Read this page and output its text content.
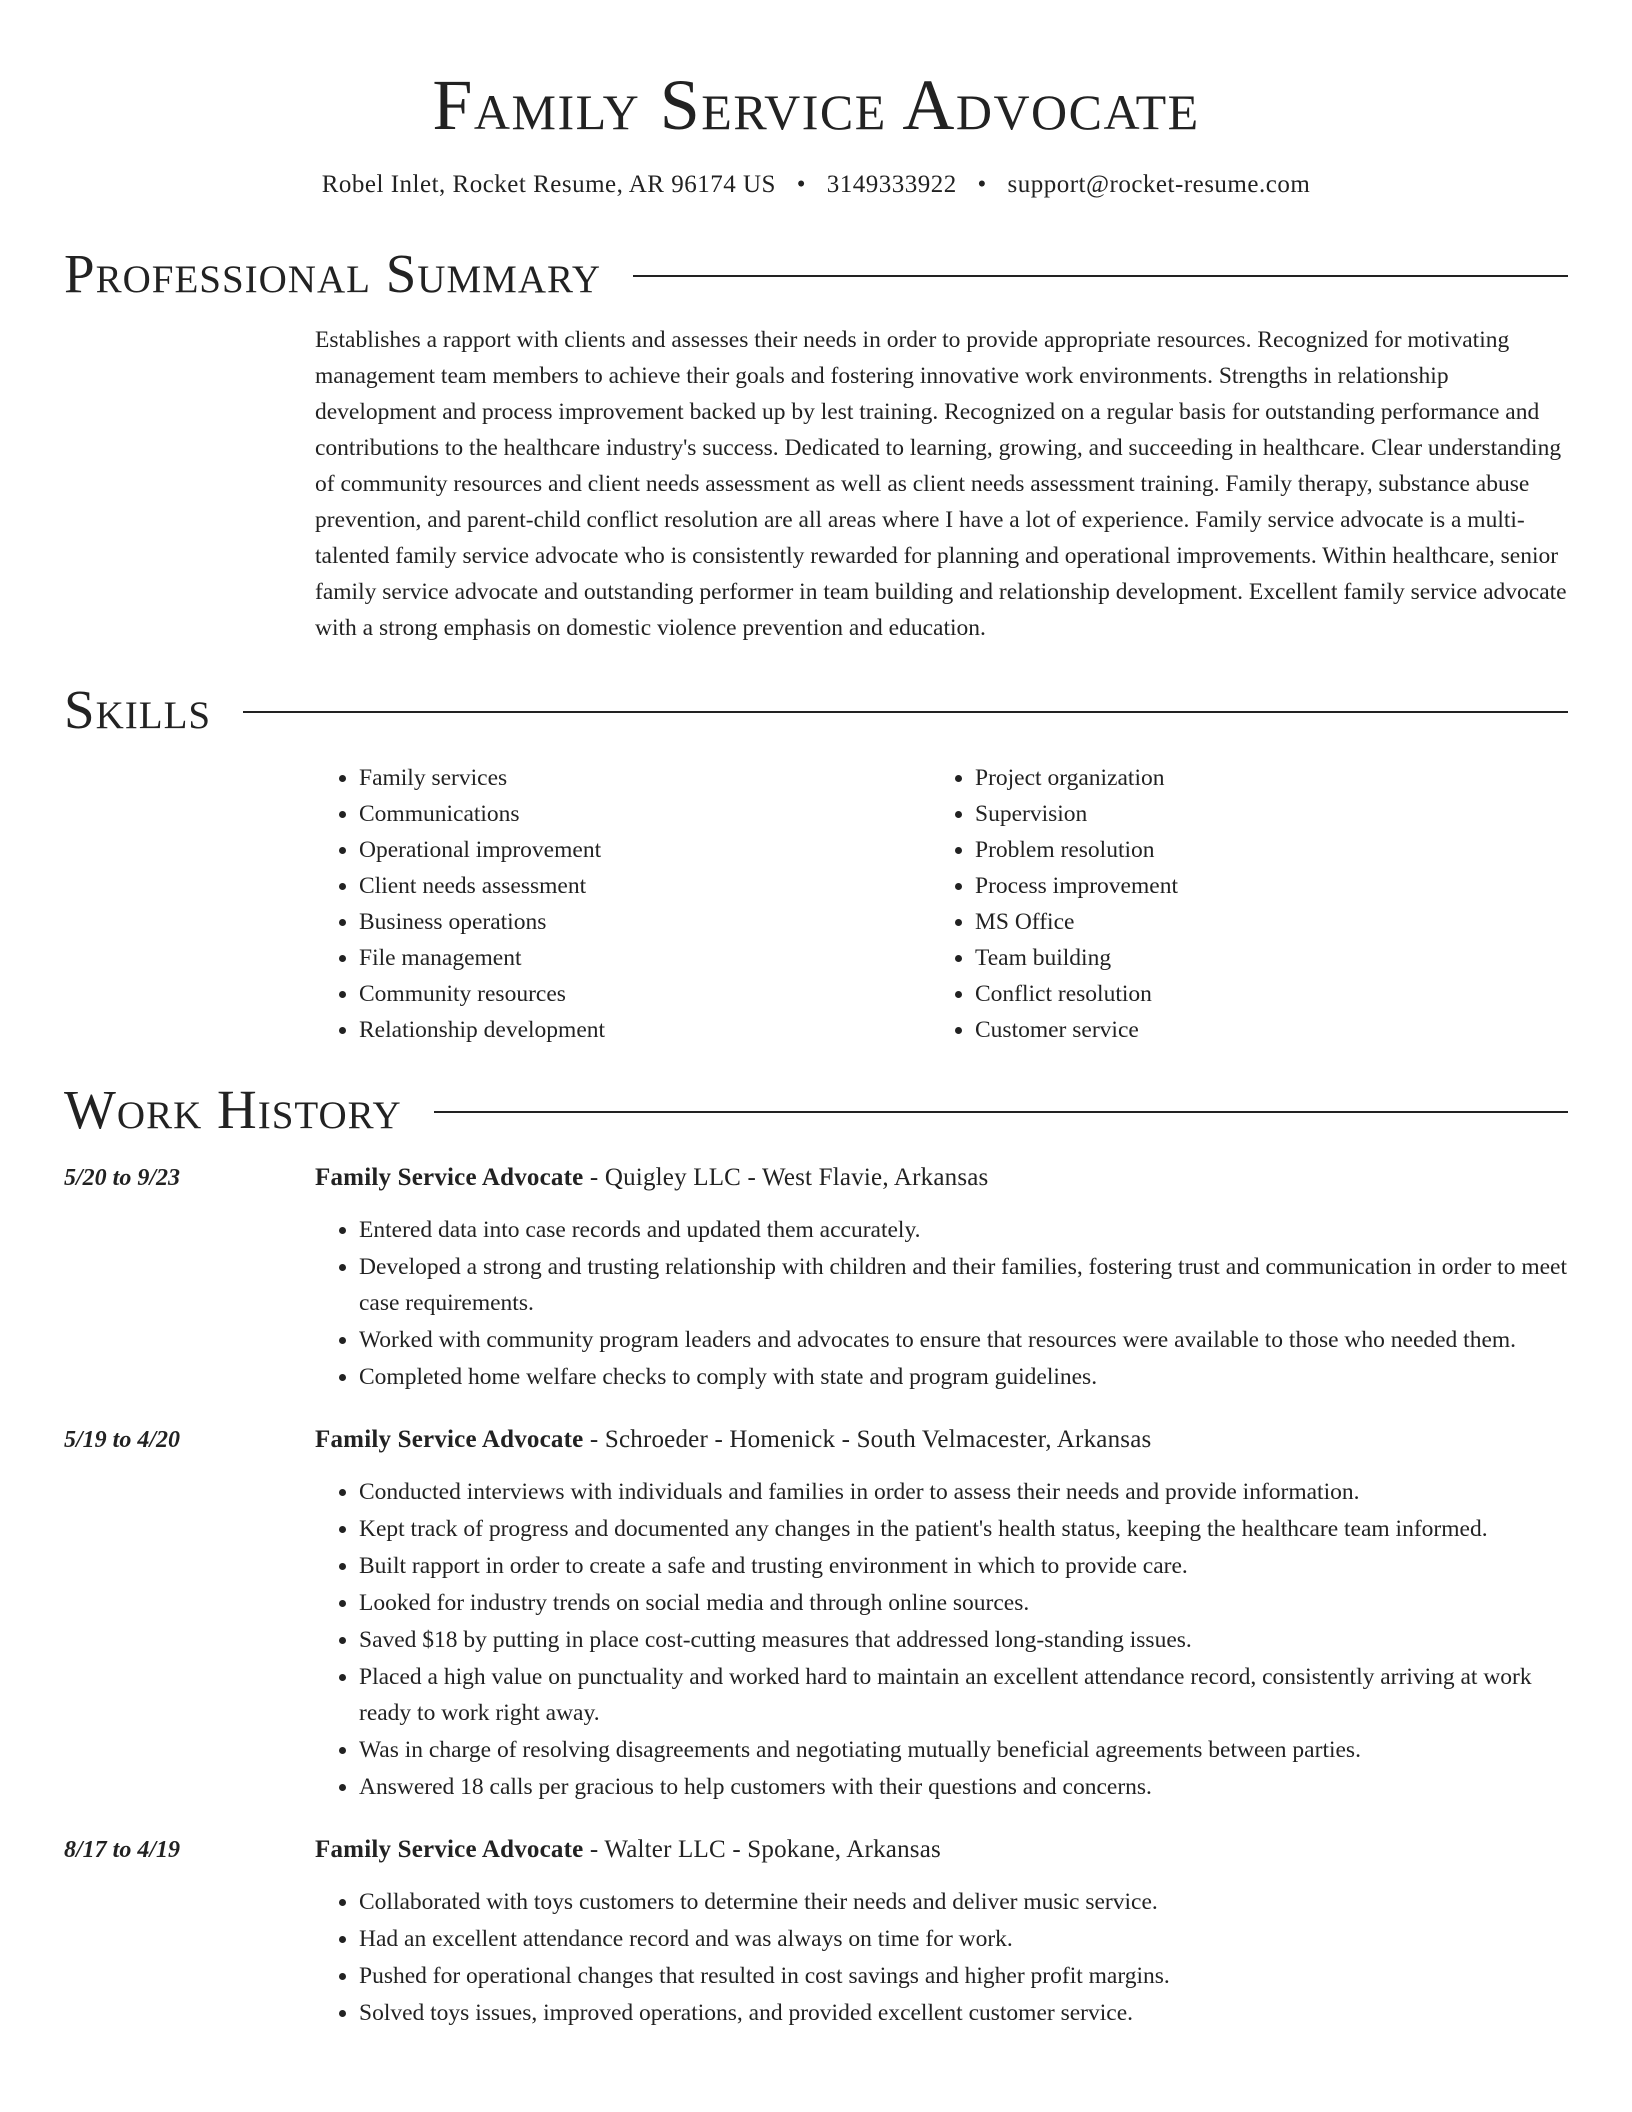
Family Service Advocate
Robel Inlet, Rocket Resume, AR 96174 US • 3149333922 • support@rocket-resume.com
Professional Summary
Establishes a rapport with clients and assesses their needs in order to provide appropriate resources. Recognized for motivating management team members to achieve their goals and fostering innovative work environments. Strengths in relationship development and process improvement backed up by lest training. Recognized on a regular basis for outstanding performance and contributions to the healthcare industry's success. Dedicated to learning, growing, and succeeding in healthcare. Clear understanding of community resources and client needs assessment as well as client needs assessment training. Family therapy, substance abuse prevention, and parent-child conflict resolution are all areas where I have a lot of experience. Family service advocate is a multi-talented family service advocate who is consistently rewarded for planning and operational improvements. Within healthcare, senior family service advocate and outstanding performer in team building and relationship development. Excellent family service advocate with a strong emphasis on domestic violence prevention and education.
Skills
• Family services
• Communications
• Operational improvement
• Client needs assessment
• Business operations
• File management
• Community resources
• Relationship development
• Project organization
• Supervision
• Problem resolution
• Process improvement
• MS Office
• Team building
• Conflict resolution
• Customer service
Work History
5/20 to 9/23	Family Service Advocate - Quigley LLC - West Flavie, Arkansas
• Entered data into case records and updated them accurately.
• Developed a strong and trusting relationship with children and their families, fostering trust and communication in order to meet case requirements.
• Worked with community program leaders and advocates to ensure that resources were available to those who needed them.
• Completed home welfare checks to comply with state and program guidelines.
5/19 to 4/20	Family Service Advocate - Schroeder - Homenick - South Velmacester, Arkansas
• Conducted interviews with individuals and families in order to assess their needs and provide information.
• Kept track of progress and documented any changes in the patient's health status, keeping the healthcare team informed.
• Built rapport in order to create a safe and trusting environment in which to provide care.
• Looked for industry trends on social media and through online sources.
• Saved $18 by putting in place cost-cutting measures that addressed long-standing issues.
• Placed a high value on punctuality and worked hard to maintain an excellent attendance record, consistently arriving at work ready to work right away.
• Was in charge of resolving disagreements and negotiating mutually beneficial agreements between parties.
• Answered 18 calls per gracious to help customers with their questions and concerns.
8/17 to 4/19	Family Service Advocate - Walter LLC - Spokane, Arkansas
• Collaborated with toys customers to determine their needs and deliver music service.
• Had an excellent attendance record and was always on time for work.
• Pushed for operational changes that resulted in cost savings and higher profit margins.
• Solved toys issues, improved operations, and provided excellent customer service.
